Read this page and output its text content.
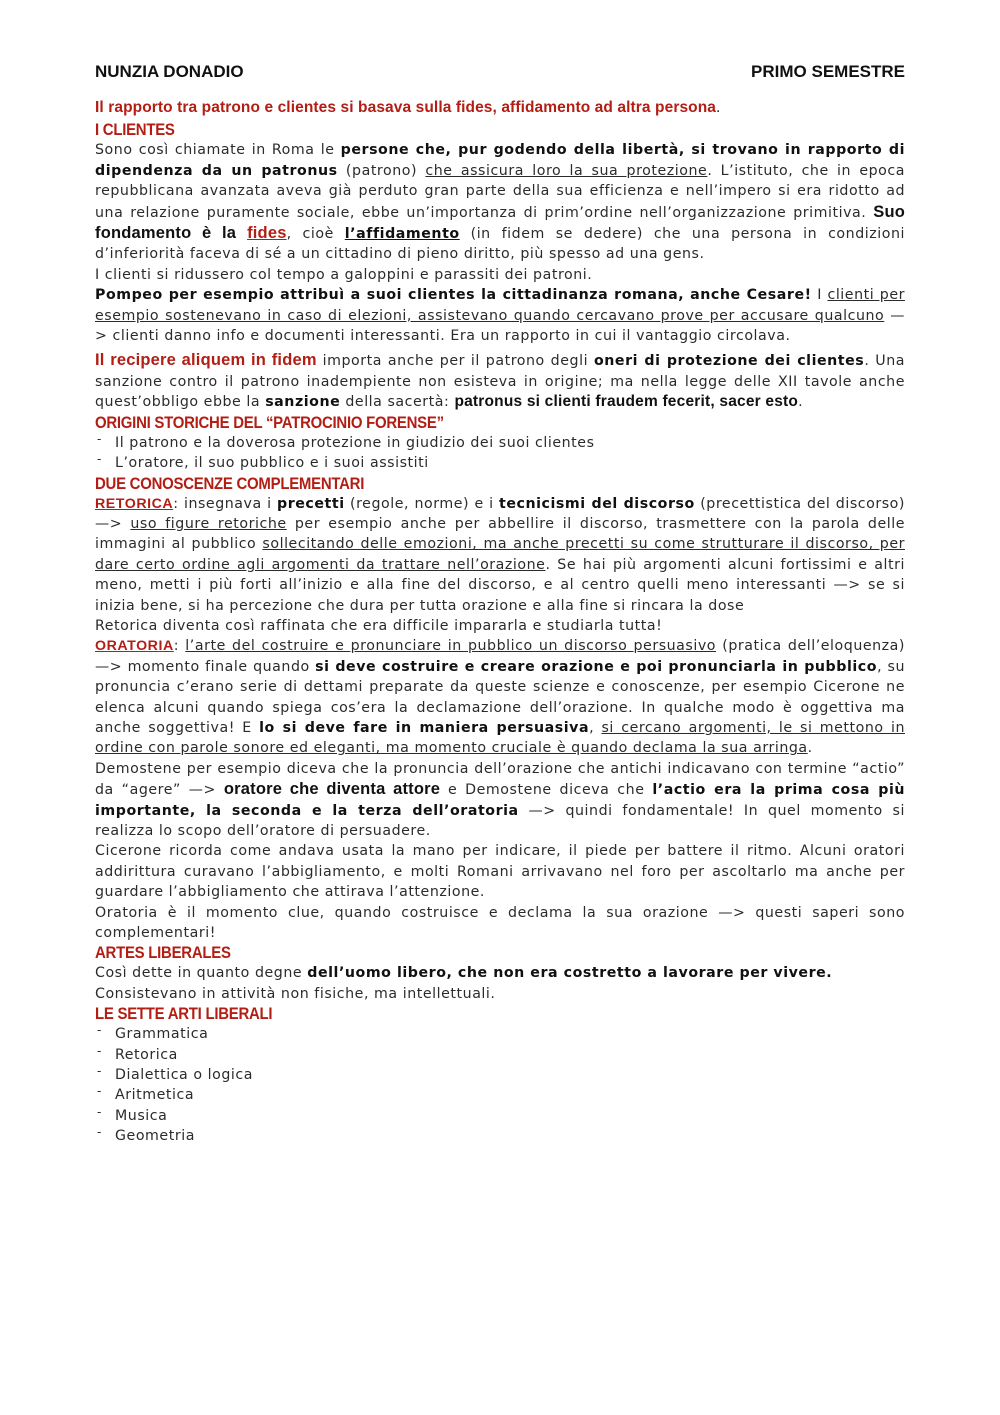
NUNZIA DONADIO	PRIMO SEMESTRE

Il rapporto tra patrono e clientes si basava sulla fides, affidamento ad altra persona.

I CLIENTES

Sono così chiamate in Roma le persone che, pur godendo della libertà, si trovano in rapporto di dipendenza da un patronus (patrono) che assicura loro la sua protezione. L’istituto, che in epoca repubblicana avanzata aveva già perduto gran parte della sua efficienza e nell’impero si era ridotto ad una relazione puramente sociale, ebbe un’importanza di prim’ordine nell’organizzazione primitiva. Suo fondamento è la fides, cioè l’affidamento (in fidem se dedere) che una persona in condizioni d’inferiorità faceva di sé a un cittadino di pieno diritto, più spesso ad una gens.

I clienti si ridussero col tempo a galoppini e parassiti dei patroni.

Pompeo per esempio attribuì a suoi clientes la cittadinanza romana, anche Cesare! I clienti per esempio sostenevano in caso di elezioni, assistevano quando cercavano prove per accusare qualcuno —> clienti danno info e documenti interessanti. Era un rapporto in cui il vantaggio circolava.

Il recipere aliquem in fidem importa anche per il patrono degli oneri di protezione dei clientes. Una sanzione contro il patrono inadempiente non esisteva in origine; ma nella legge delle XII tavole anche quest’obbligo ebbe la sanzione della sacertà: patronus si clienti fraudem fecerit, sacer esto.

ORIGINI STORICHE DEL “PATROCINIO FORENSE”
- Il patrono e la doverosa protezione in giudizio dei suoi clientes
- L’oratore, il suo pubblico e i suoi assistiti
DUE CONOSCENZE COMPLEMENTARI

RETORICA: insegnava i precetti (regole, norme) e i tecnicismi del discorso (precettistica del discorso) —> uso figure retoriche per esempio anche per abbellire il discorso, trasmettere con la parola delle immagini al pubblico sollecitando delle emozioni, ma anche precetti su come strutturare il discorso, per dare certo ordine agli argomenti da trattare nell’orazione. Se hai più argomenti alcuni fortissimi e altri meno, metti i più forti all’inizio e alla fine del discorso, e al centro quelli meno interessanti —> se si inizia bene, si ha percezione che dura per tutta orazione e alla fine si rincara la dose

Retorica diventa così raffinata che era difficile impararla e studiarla tutta!

ORATORIA: l’arte del costruire e pronunciare in pubblico un discorso persuasivo (pratica dell’eloquenza) —> momento finale quando si deve costruire e creare orazione e poi pronunciarla in pubblico, su pronuncia c’erano serie di dettami preparate da queste scienze e conoscenze, per esempio Cicerone ne elenca alcuni quando spiega cos’era la declamazione dell’orazione. In qualche modo è oggettiva ma anche soggettiva! E lo si deve fare in maniera persuasiva, si cercano argomenti, le si mettono in ordine con parole sonore ed eleganti, ma momento cruciale è quando declama la sua arringa.

Demostene per esempio diceva che la pronuncia dell’orazione che antichi indicavano con termine “actio” da “agere” —> oratore che diventa attore e Demostene diceva che l’actio era la prima cosa più importante, la seconda e la terza dell’oratoria —> quindi fondamentale! In quel momento si realizza lo scopo dell’oratore di persuadere.

Cicerone ricorda come andava usata la mano per indicare, il piede per battere il ritmo. Alcuni oratori addirittura curavano l’abbigliamento, e molti Romani arrivavano nel foro per ascoltarlo ma anche per guardare l’abbigliamento che attirava l’attenzione.

Oratoria è il momento clue, quando costruisce e declama la sua orazione —> questi saperi sono complementari!

ARTES LIBERALES

Così dette in quanto degne dell’uomo libero, che non era costretto a lavorare per vivere.

Consistevano in attività non fisiche, ma intellettuali.

LE SETTE ARTI LIBERALI
- Grammatica
- Retorica
- Dialettica o logica
- Aritmetica
- Musica
- Geometria
